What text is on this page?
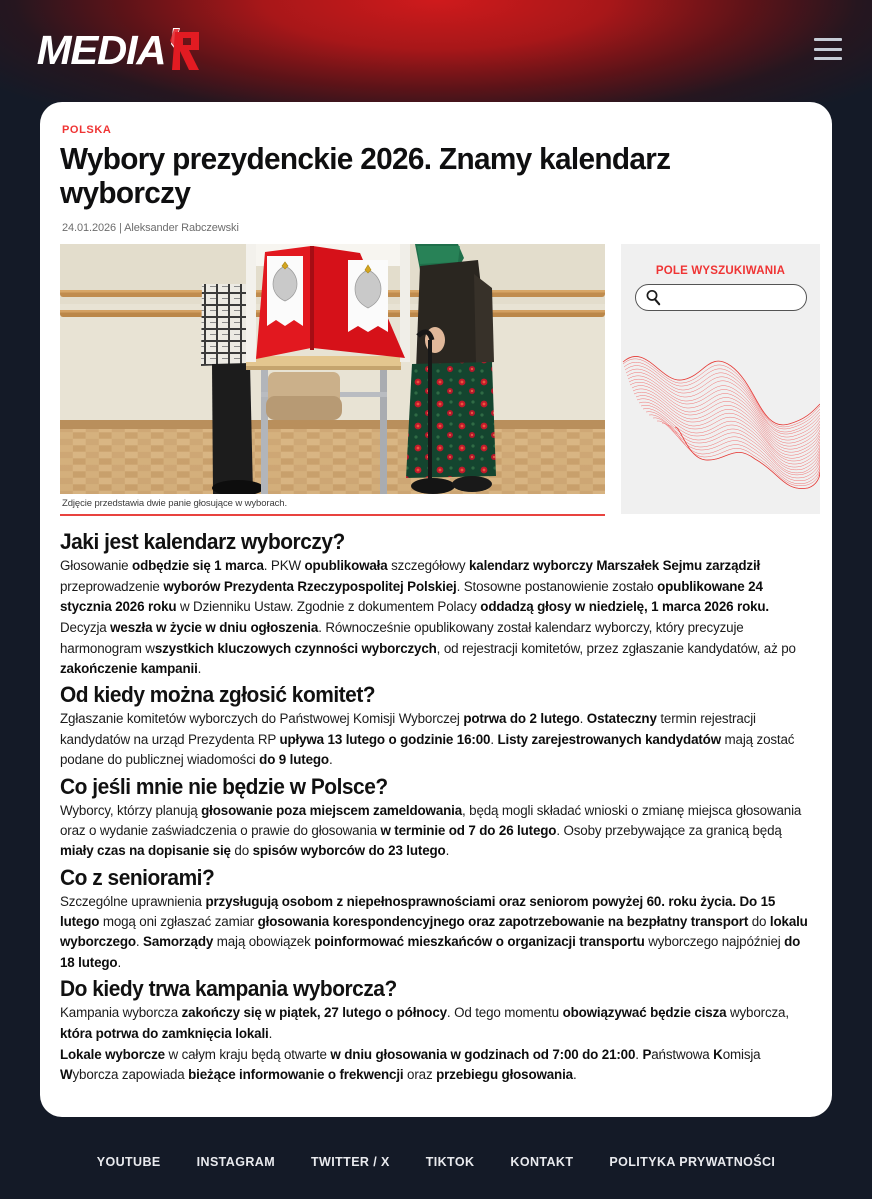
MEDIA
POLSKA
Wybory prezydenckie 2026. Znamy kalendarz wyborczy
24.01.2026 | Aleksander Rabczewski
Zdjęcie przedstawia dwie panie głosujące w wyborach.
POLE WYSZUKIWANIA
Jaki jest kalendarz wyborczy?

Głosowanie odbędzie się 1 marca. PKW opublikowała szczegółowy kalendarz wyborczy Marszałek Sejmu zarządził przeprowadzenie wyborów Prezydenta Rzeczypospolitej Polskiej. Stosowne postanowienie zostało opublikowane 24 stycznia 2026 roku w Dzienniku Ustaw. Zgodnie z dokumentem Polacy oddadzą głosy w niedzielę, 1 marca 2026 roku.

Decyzja weszła w życie w dniu ogłoszenia. Równocześnie opublikowany został kalendarz wyborczy, który precyzuje harmonogram wszystkich kluczowych czynności wyborczych, od rejestracji komitetów, przez zgłaszanie kandydatów, aż po zakończenie kampanii.

Od kiedy można zgłosić komitet?

Zgłaszanie komitetów wyborczych do Państwowej Komisji Wyborczej potrwa do 2 lutego. Ostateczny termin rejestracji kandydatów na urząd Prezydenta RP upływa 13 lutego o godzinie 16:00. Listy zarejestrowanych kandydatów mają zostać podane do publicznej wiadomości do 9 lutego.

Co jeśli mnie nie będzie w Polsce?

Wyborcy, którzy planują głosowanie poza miejscem zameldowania, będą mogli składać wnioski o zmianę miejsca głosowania oraz o wydanie zaświadczenia o prawie do głosowania w terminie od 7 do 26 lutego. Osoby przebywające za granicą będą miały czas na dopisanie się do spisów wyborców do 23 lutego.

Co z seniorami?

Szczególne uprawnienia przysługują osobom z niepełnosprawnościami oraz seniorom powyżej 60. roku życia. Do 15 lutego mogą oni zgłaszać zamiar głosowania korespondencyjnego oraz zapotrzebowanie na bezpłatny transport do lokalu wyborczego. Samorządy mają obowiązek poinformować mieszkańców o organizacji transportu wyborczego najpóźniej do 18 lutego.

Do kiedy trwa kampania wyborcza?

Kampania wyborcza zakończy się w piątek, 27 lutego o północy. Od tego momentu obowiązywać będzie cisza wyborcza, która potrwa do zamknięcia lokali.

Lokale wyborcze w całym kraju będą otwarte w dniu głosowania w godzinach od 7:00 do 21:00. Państwowa Komisja Wyborcza zapowiada bieżące informowanie o frekwencji oraz przebiegu głosowania.

YOUTUBE	INSTAGRAM	TWITTER / X	TIKTOK	KONTAKT	POLITYKA PRYWATNOŚCI
